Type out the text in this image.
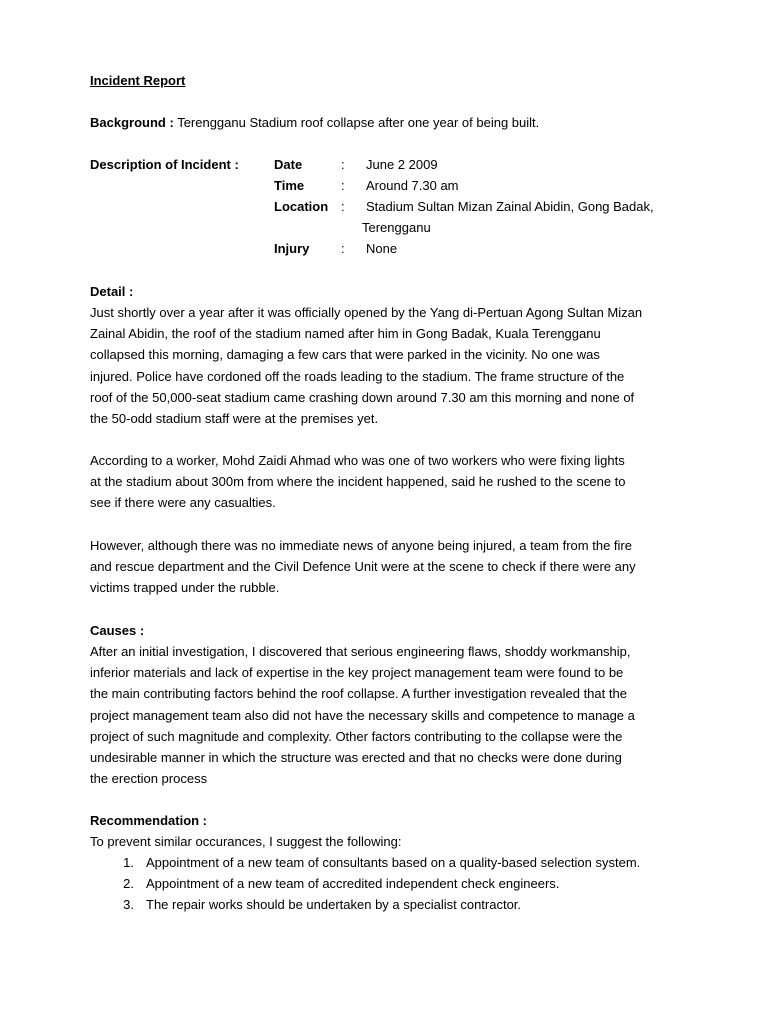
Incident Report
Background : Terengganu Stadium roof collapse after one year of being built.
Description of Incident :	Date	: June 2 2009
Time	: Around 7.30 am
Location : Stadium Sultan Mizan Zainal Abidin, Gong Badak,
Terengganu
Injury : None
Detail :
Just shortly over a year after it was officially opened by the Yang di-Pertuan Agong Sultan Mizan
Zainal Abidin, the roof of the stadium named after him in Gong Badak, Kuala Terengganu
collapsed this morning, damaging a few cars that were parked in the vicinity. No one was
injured. Police have cordoned off the roads leading to the stadium. The frame structure of the
roof of the 50,000-seat stadium came crashing down around 7.30 am this morning and none of
the 50-odd stadium staff were at the premises yet.
According to a worker, Mohd Zaidi Ahmad who was one of two workers who were fixing lights
at the stadium about 300m from where the incident happened, said he rushed to the scene to
see if there were any casualties.
However, although there was no immediate news of anyone being injured, a team from the fire
and rescue department and the Civil Defence Unit were at the scene to check if there were any
victims trapped under the rubble.
Causes :
After an initial investigation, I discovered that serious engineering flaws, shoddy workmanship,
inferior materials and lack of expertise in the key project management team were found to be
the main contributing factors behind the roof collapse. A further investigation revealed that the
project management team also did not have the necessary skills and competence to manage a
project of such magnitude and complexity. Other factors contributing to the collapse were the
undesirable manner in which the structure was erected and that no checks were done during
the erection process
Recommendation :
To prevent similar occurances, I suggest the following:
1. Appointment of a new team of consultants based on a quality-based selection system.
2. Appointment of a new team of accredited independent check engineers.
3. The repair works should be undertaken by a specialist contractor.
